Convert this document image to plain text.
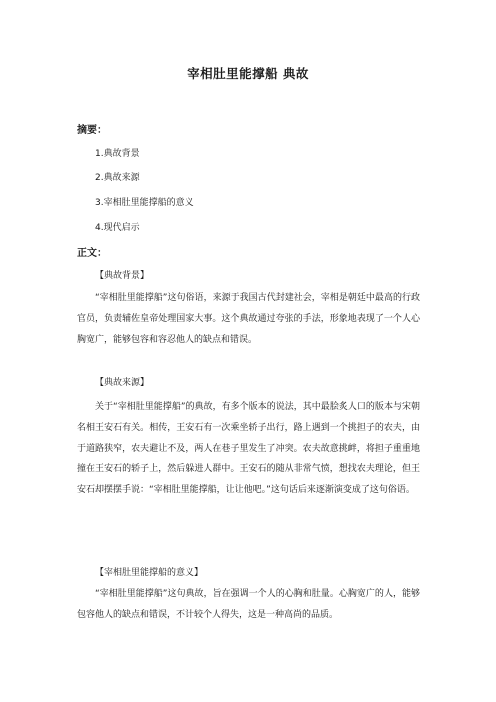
宰相肚里能撑船 典故
摘要：
1.典故背景
2.典故来源
3.宰相肚里能撑船的意义
4.现代启示
正文：
【典故背景】
“宰相肚里能撑船”这句俗语，来源于我国古代封建社会，宰相是朝廷中最高的行政官员，负责辅佐皇帝处理国家大事。这个典故通过夸张的手法，形象地表现了一个人心胸宽广，能够包容和容忍他人的缺点和错误。
【典故来源】
关于“宰相肚里能撑船”的典故，有多个版本的说法，其中最脍炙人口的版本与宋朝名相王安石有关。相传，王安石有一次乘坐轿子出行，路上遇到一个挑担子的农夫，由于道路狭窄，农夫避让不及，两人在巷子里发生了冲突。农夫故意挑衅，将担子重重地撞在王安石的轿子上，然后躲进人群中。王安石的随从非常气愤，想找农夫理论，但王安石却摆摆手说：“宰相肚里能撑船，让让他吧。”这句话后来逐渐演变成了这句俗语。
【宰相肚里能撑船的意义】
“宰相肚里能撑船”这句典故，旨在强调一个人的心胸和肚量。心胸宽广的人，能够包容他人的缺点和错误，不计较个人得失，这是一种高尚的品质。
